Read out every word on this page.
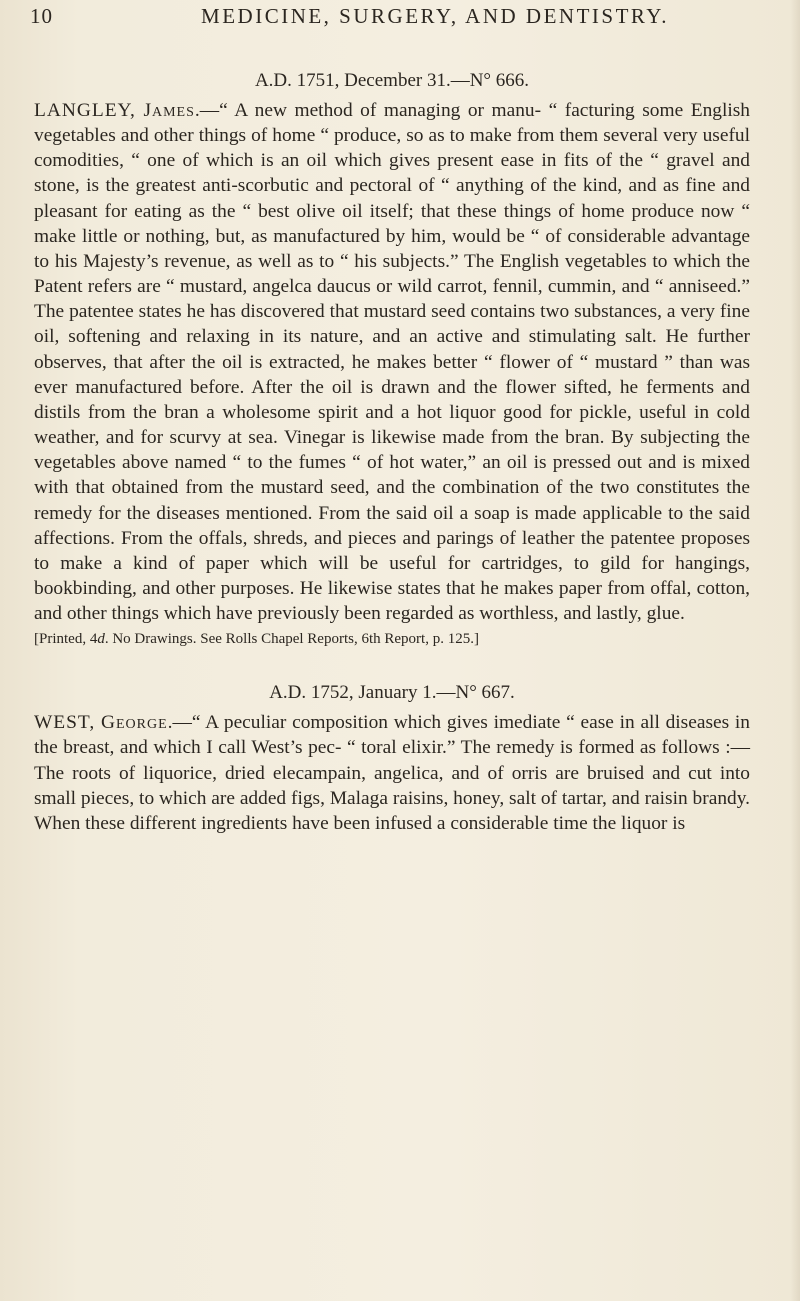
10	MEDICINE, SURGERY, AND DENTISTRY.

A.D. 1751, December 31.—N° 666.

LANGLEY, James.—“ A new method of managing or manu- “ facturing some English vegetables and other things of home “ produce, so as to make from them several very useful comodities, “ one of which is an oil which gives present ease in fits of the “ gravel and stone, is the greatest anti-scorbutic and pectoral of “ anything of the kind, and as fine and pleasant for eating as the “ best olive oil itself; that these things of home produce now “ make little or nothing, but, as manufactured by him, would be “ of considerable advantage to his Majesty’s revenue, as well as to “ his subjects.” The English vegetables to which the Patent refers are “ mustard, angelca daucus or wild carrot, fennil, cummin, and “ anniseed.” The patentee states he has discovered that mustard seed contains two substances, a very fine oil, softening and relaxing in its nature, and an active and stimulating salt. He further observes, that after the oil is extracted, he makes better “ flower of “ mustard ” than was ever manufactured before. After the oil is drawn and the flower sifted, he ferments and distils from the bran a wholesome spirit and a hot liquor good for pickle, useful in cold weather, and for scurvy at sea. Vinegar is likewise made from the bran. By subjecting the vegetables above named “ to the fumes “ of hot water,” an oil is pressed out and is mixed with that obtained from the mustard seed, and the combination of the two constitutes the remedy for the diseases mentioned. From the said oil a soap is made applicable to the said affections. From the offals, shreds, and pieces and parings of leather the patentee proposes to make a kind of paper which will be useful for cartridges, to gild for hangings, bookbinding, and other purposes. He likewise states that he makes paper from offal, cotton, and other things which have previously been regarded as worthless, and lastly, glue.

[Printed, 4d. No Drawings. See Rolls Chapel Reports, 6th Report, p. 125.]

A.D. 1752, January 1.—N° 667.

WEST, George.—“ A peculiar composition which gives imediate “ ease in all diseases in the breast, and which I call West’s pec- “ toral elixir.” The remedy is formed as follows :—The roots of liquorice, dried elecampain, angelica, and of orris are bruised and cut into small pieces, to which are added figs, Malaga raisins, honey, salt of tartar, and raisin brandy. When these different ingredients have been infused a considerable time the liquor is
